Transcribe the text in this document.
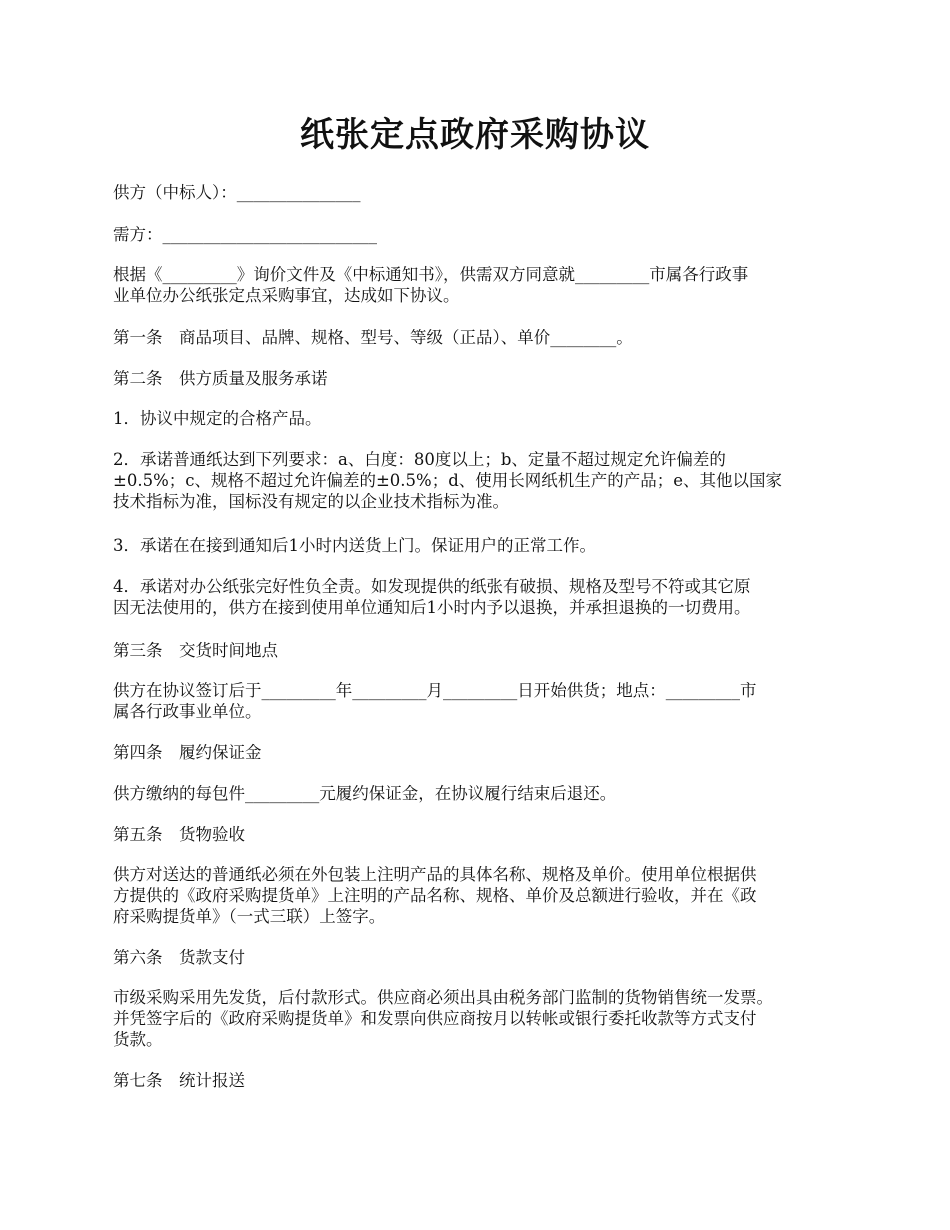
纸张定点政府采购协议

供方（中标人）：_______________

需方：__________________________

根据《_________》询价文件及《中标通知书》，供需双方同意就_________市属各行政事
业单位办公纸张定点采购事宜，达成如下协议。

第一条　商品项目、品牌、规格、型号、等级（正品）、单价________。

第二条　供方质量及服务承诺

1．协议中规定的合格产品。

2．承诺普通纸达到下列要求：a、白度：80度以上；b、定量不超过规定允许偏差的
±0.5%；c、规格不超过允许偏差的±0.5%；d、使用长网纸机生产的产品；e、其他以国家
技术指标为准，国标没有规定的以企业技术指标为准。

3．承诺在在接到通知后1小时内送货上门。保证用户的正常工作。

4．承诺对办公纸张完好性负全责。如发现提供的纸张有破损、规格及型号不符或其它原
因无法使用的，供方在接到使用单位通知后1小时内予以退换，并承担退换的一切费用。

第三条　交货时间地点

供方在协议签订后于_________年_________月_________日开始供货；地点：_________市
属各行政事业单位。

第四条　履约保证金

供方缴纳的每包件_________元履约保证金，在协议履行结束后退还。

第五条　货物验收

供方对送达的普通纸必须在外包装上注明产品的具体名称、规格及单价。使用单位根据供
方提供的《政府采购提货单》上注明的产品名称、规格、单价及总额进行验收，并在《政
府采购提货单》（一式三联）上签字。

第六条　货款支付

市级采购采用先发货，后付款形式。供应商必须出具由税务部门监制的货物销售统一发票。
并凭签字后的《政府采购提货单》和发票向供应商按月以转帐或银行委托收款等方式支付
货款。

第七条　统计报送
